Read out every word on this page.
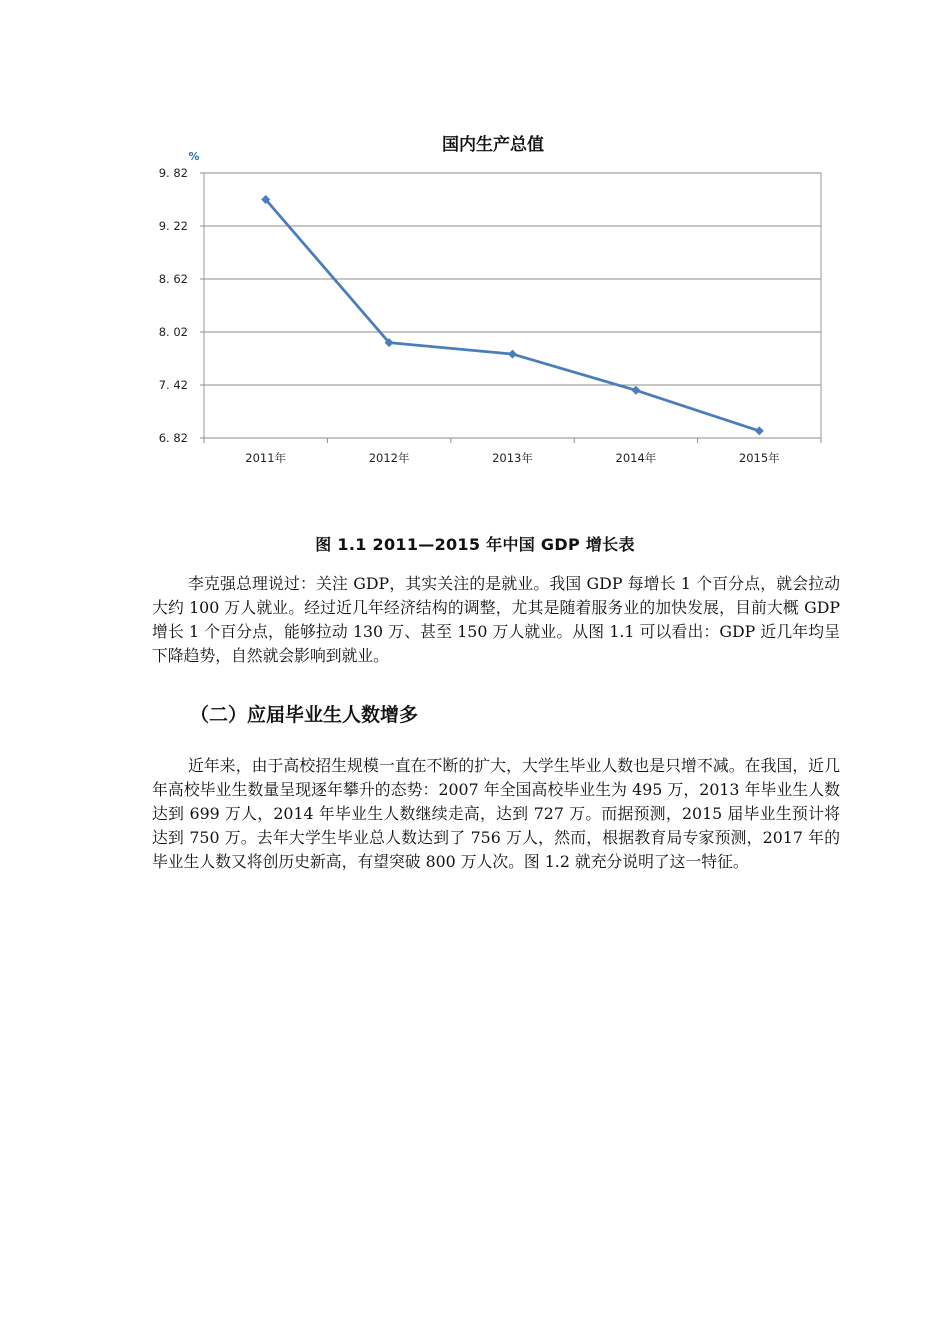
国内生产总值
%
6. 82
7. 42
8. 02
8. 62
9. 22
9. 82
2011年	2012年	2013年	2014年	2015年
图 1.1 2011—2015 年中国 GDP 增长表

李克强总理说过：关注 GDP，其实关注的是就业。我国 GDP 每增长 1 个百分点，就会拉动大约 100 万人就业。经过近几年经济结构的调整，尤其是随着服务业的加快发展，目前大概 GDP 增长 1 个百分点，能够拉动 130 万、甚至 150 万人就业。从图 1.1 可以看出：GDP 近几年均呈下降趋势，自然就会影响到就业。

（二）应届毕业生人数增多

近年来，由于高校招生规模一直在不断的扩大，大学生毕业人数也是只增不减。在我国，近几年高校毕业生数量呈现逐年攀升的态势：2007 年全国高校毕业生为 495 万，2013 年毕业生人数达到 699 万人，2014 年毕业生人数继续走高，达到 727 万。而据预测，2015 届毕业生预计将达到 750 万。去年大学生毕业总人数达到了 756 万人，然而，根据教育局专家预测，2017 年的毕业生人数又将创历史新高，有望突破 800 万人次。图 1.2 就充分说明了这一特征。
